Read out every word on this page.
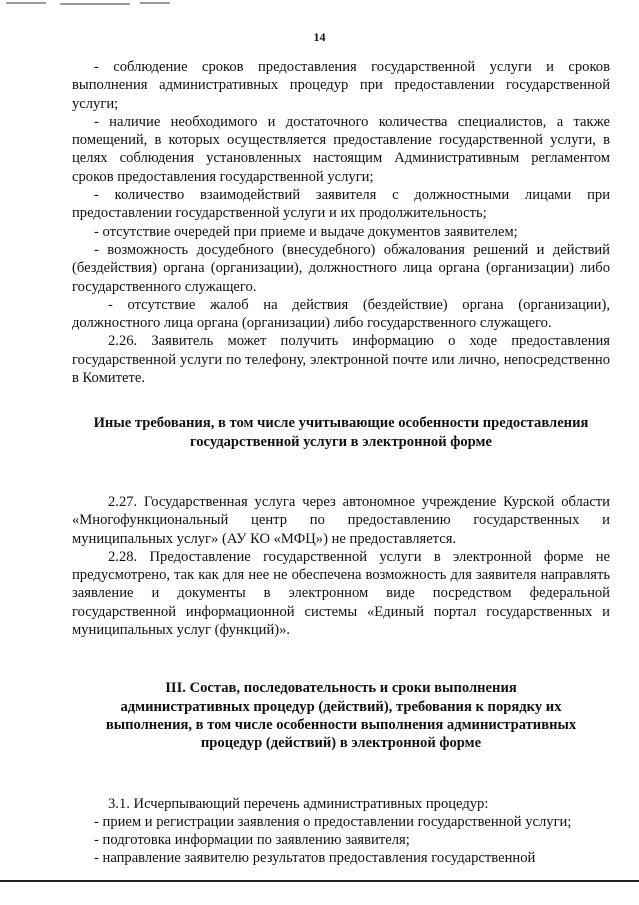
14

- соблюдение сроков предоставления государственной услуги и сроков выполнения административных процедур при предоставлении государственной услуги;

- наличие необходимого и достаточного количества специалистов, а также помещений, в которых осуществляется предоставление государственной услуги, в целях соблюдения установленных настоящим Административным регламентом сроков предоставления государственной услуги;

- количество взаимодействий заявителя с должностными лицами при предоставлении государственной услуги и их продолжительность;

- отсутствие очередей при приеме и выдаче документов заявителем;

- возможность досудебного (внесудебного) обжалования решений и действий (бездействия) органа (организации), должностного лица органа (организации) либо государственного служащего.

- отсутствие жалоб на действия (бездействие) органа (организации), должностного лица органа (организации) либо государственного служащего.

2.26. Заявитель может получить информацию о ходе предоставления государственной услуги по телефону, электронной почте или лично, непосредственно в Комитете.

Иные требования, в том числе учитывающие особенности предоставления
государственной услуги в электронной форме

2.27. Государственная услуга через автономное учреждение Курской области «Многофункциональный центр по предоставлению государственных и муниципальных услуг» (АУ КО «МФЦ») не предоставляется.

2.28. Предоставление государственной услуги в электронной форме не предусмотрено, так как для нее не обеспечена возможность для заявителя направлять заявление и документы в электронном виде посредством федеральной государственной информационной системы «Единый портал государственных и муниципальных услуг (функций)».

III. Состав, последовательность и сроки выполнения
административных процедур (действий), требования к порядку их
выполнения, в том числе особенности выполнения административных
процедур (действий) в электронной форме

3.1. Исчерпывающий перечень административных процедур:

- прием и регистрации заявления о предоставлении государственной услуги;

- подготовка информации по заявлению заявителя;

- направление заявителю результатов предоставления государственной
